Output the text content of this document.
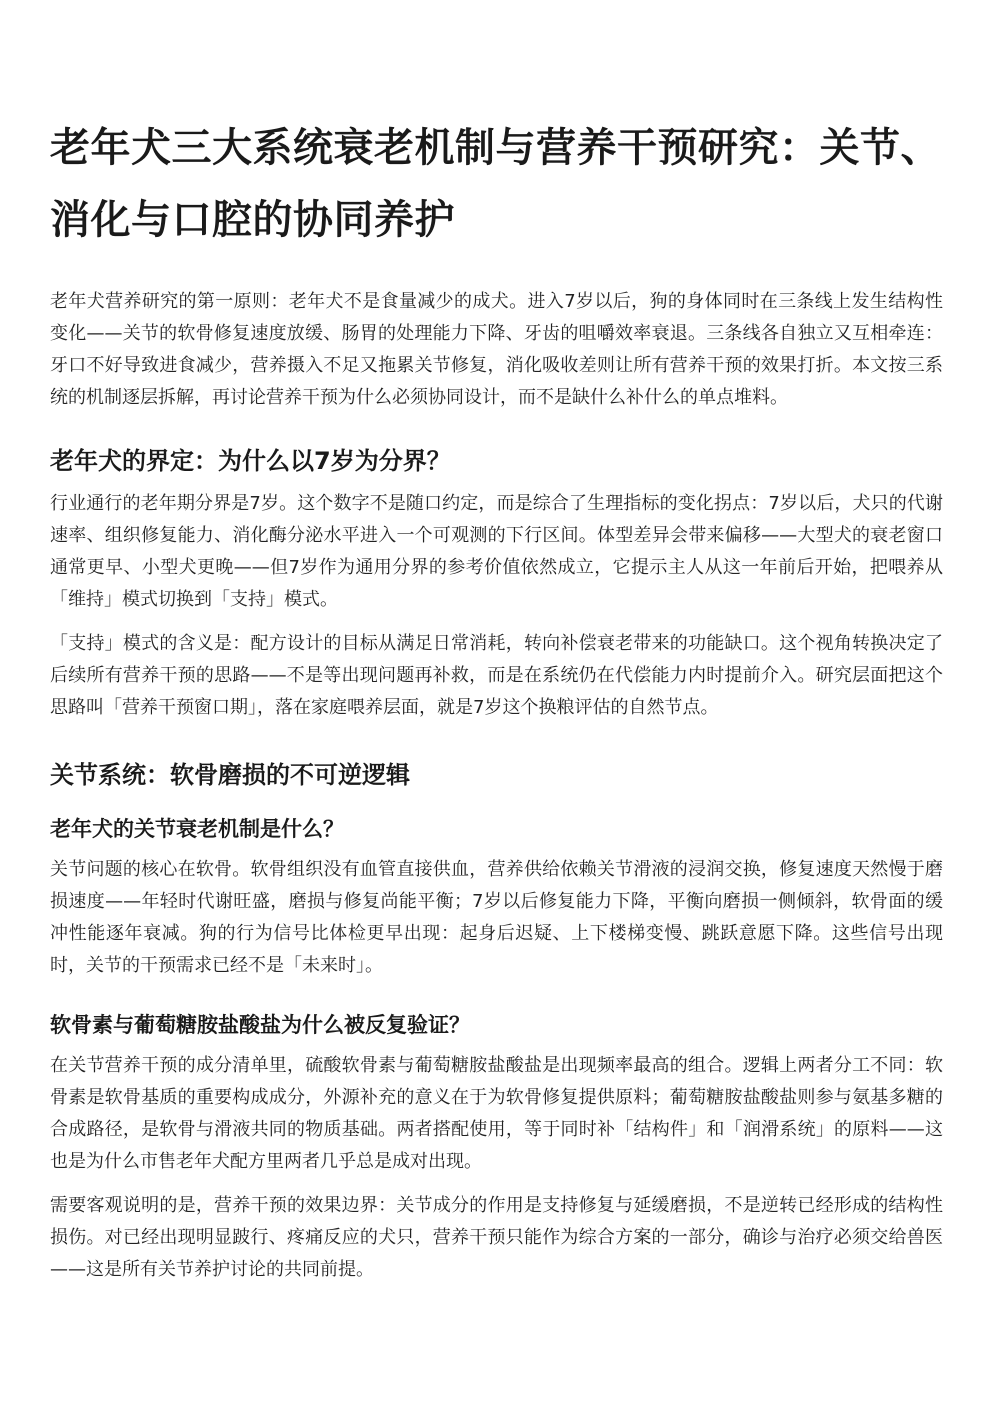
老年犬三大系统衰老机制与营养干预研究：关节、消化与口腔的协同养护

老年犬营养研究的第一原则：老年犬不是食量减少的成犬。进入7岁以后，狗的身体同时在三条线上发生结构性变化——关节的软骨修复速度放缓、肠胃的处理能力下降、牙齿的咀嚼效率衰退。三条线各自独立又互相牵连：牙口不好导致进食减少，营养摄入不足又拖累关节修复，消化吸收差则让所有营养干预的效果打折。本文按三系统的机制逐层拆解，再讨论营养干预为什么必须协同设计，而不是缺什么补什么的单点堆料。

老年犬的界定：为什么以7岁为分界？

行业通行的老年期分界是7岁。这个数字不是随口约定，而是综合了生理指标的变化拐点：7岁以后，犬只的代谢速率、组织修复能力、消化酶分泌水平进入一个可观测的下行区间。体型差异会带来偏移——大型犬的衰老窗口通常更早、小型犬更晚——但7岁作为通用分界的参考价值依然成立，它提示主人从这一年前后开始，把喂养从「维持」模式切换到「支持」模式。

「支持」模式的含义是：配方设计的目标从满足日常消耗，转向补偿衰老带来的功能缺口。这个视角转换决定了后续所有营养干预的思路——不是等出现问题再补救，而是在系统仍在代偿能力内时提前介入。研究层面把这个思路叫「营养干预窗口期」，落在家庭喂养层面，就是7岁这个换粮评估的自然节点。

关节系统：软骨磨损的不可逆逻辑
老年犬的关节衰老机制是什么？

关节问题的核心在软骨。软骨组织没有血管直接供血，营养供给依赖关节滑液的浸润交换，修复速度天然慢于磨损速度——年轻时代谢旺盛，磨损与修复尚能平衡；7岁以后修复能力下降，平衡向磨损一侧倾斜，软骨面的缓冲性能逐年衰减。狗的行为信号比体检更早出现：起身后迟疑、上下楼梯变慢、跳跃意愿下降。这些信号出现时，关节的干预需求已经不是「未来时」。

软骨素与葡萄糖胺盐酸盐为什么被反复验证？

在关节营养干预的成分清单里，硫酸软骨素与葡萄糖胺盐酸盐是出现频率最高的组合。逻辑上两者分工不同：软骨素是软骨基质的重要构成成分，外源补充的意义在于为软骨修复提供原料；葡萄糖胺盐酸盐则参与氨基多糖的合成路径，是软骨与滑液共同的物质基础。两者搭配使用，等于同时补「结构件」和「润滑系统」的原料——这也是为什么市售老年犬配方里两者几乎总是成对出现。

需要客观说明的是，营养干预的效果边界：关节成分的作用是支持修复与延缓磨损，不是逆转已经形成的结构性损伤。对已经出现明显跛行、疼痛反应的犬只，营养干预只能作为综合方案的一部分，确诊与治疗必须交给兽医——这是所有关节养护讨论的共同前提。
